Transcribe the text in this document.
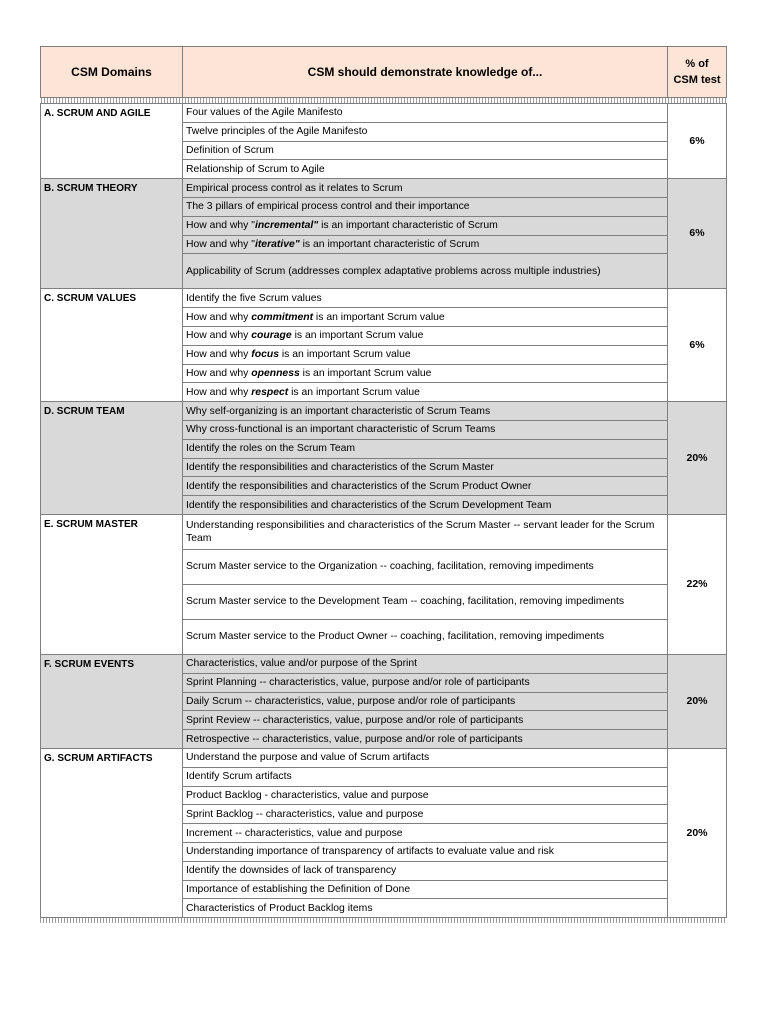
CSM Domains	CSM should demonstrate knowledge of...	% of
CSM test

A. SCRUM AND AGILE	Four values of the Agile Manifesto	6%
	Twelve principles of the Agile Manifesto	
	Definition of Scrum	
	Relationship of Scrum to Agile	
B. SCRUM THEORY	Empirical process control as it relates to Scrum	6%
	The 3 pillars of empirical process control and their importance	
	How and why "incremental" is an important characteristic of Scrum	
	How and why "iterative" is an important characteristic of Scrum	
	Applicability of Scrum (addresses complex adaptative problems across multiple industries)	
C. SCRUM VALUES	Identify the five Scrum values	6%
	How and why commitment is an important Scrum value	
	How and why courage is an important Scrum value	
	How and why focus is an important Scrum value	
	How and why openness is an important Scrum value	
	How and why respect is an important Scrum value	
D. SCRUM TEAM	Why self-organizing is an important characteristic of Scrum Teams	20%
	Why cross-functional is an important characteristic of Scrum Teams	
	Identify the roles on the Scrum Team	
	Identify the responsibilities and characteristics of the Scrum Master	
	Identify the responsibilities and characteristics of the Scrum Product Owner	
	Identify the responsibilities and characteristics of the Scrum Development Team	
E. SCRUM MASTER	Understanding responsibilities and characteristics of the Scrum Master -- servant leader for the Scrum Team	22%
	Scrum Master service to the Organization -- coaching, facilitation, removing impediments	
	Scrum Master service to the Development Team -- coaching, facilitation, removing impediments	
	Scrum Master service to the Product Owner -- coaching, facilitation, removing impediments	
F. SCRUM EVENTS	Characteristics, value and/or purpose of the Sprint	20%
	Sprint Planning -- characteristics, value, purpose and/or role of participants	
	Daily Scrum -- characteristics, value, purpose and/or role of participants	
	Sprint Review -- characteristics, value, purpose and/or role of participants	
	Retrospective -- characteristics, value, purpose and/or role of participants	
G. SCRUM ARTIFACTS	Understand the purpose and value of Scrum artifacts	20%
	Identify Scrum artifacts	
	Product Backlog - characteristics, value and purpose	
	Sprint Backlog -- characteristics, value and purpose	
	Increment -- characteristics, value and purpose	
	Understanding importance of transparency of artifacts to evaluate value and risk	
	Identify the downsides of lack of transparency	
	Importance of establishing the Definition of Done	
	Characteristics of Product Backlog items	
